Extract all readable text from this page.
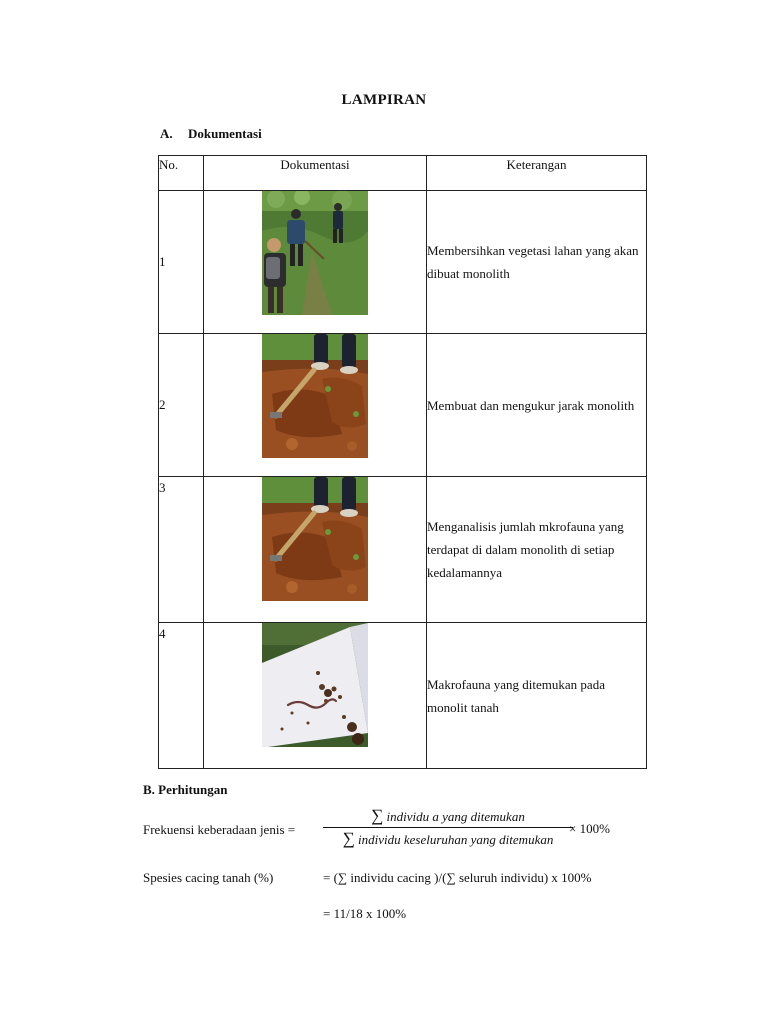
LAMPIRAN
A. Dokumentasi
No.	Dokumentasi	Keterangan
1		Membersihkan vegetasi lahan yang akan dibuat monolith
2		Membuat dan mengukur jarak monolith
3		Menganalisis jumlah mkrofauna yang terdapat di dalam monolith di setiap kedalamannya
4		Makrofauna yang ditemukan pada monolit tanah
B. Perhitungan
Frekuensi keberadaan jenis =
∑ individu a yang ditemukan
∑ individu keseluruhan yang ditemukan
× 100%
Spesies cacing tanah (%)	= (∑ individu cacing )/(∑ seluruh individu) x 100%
= 11/18 x 100%
